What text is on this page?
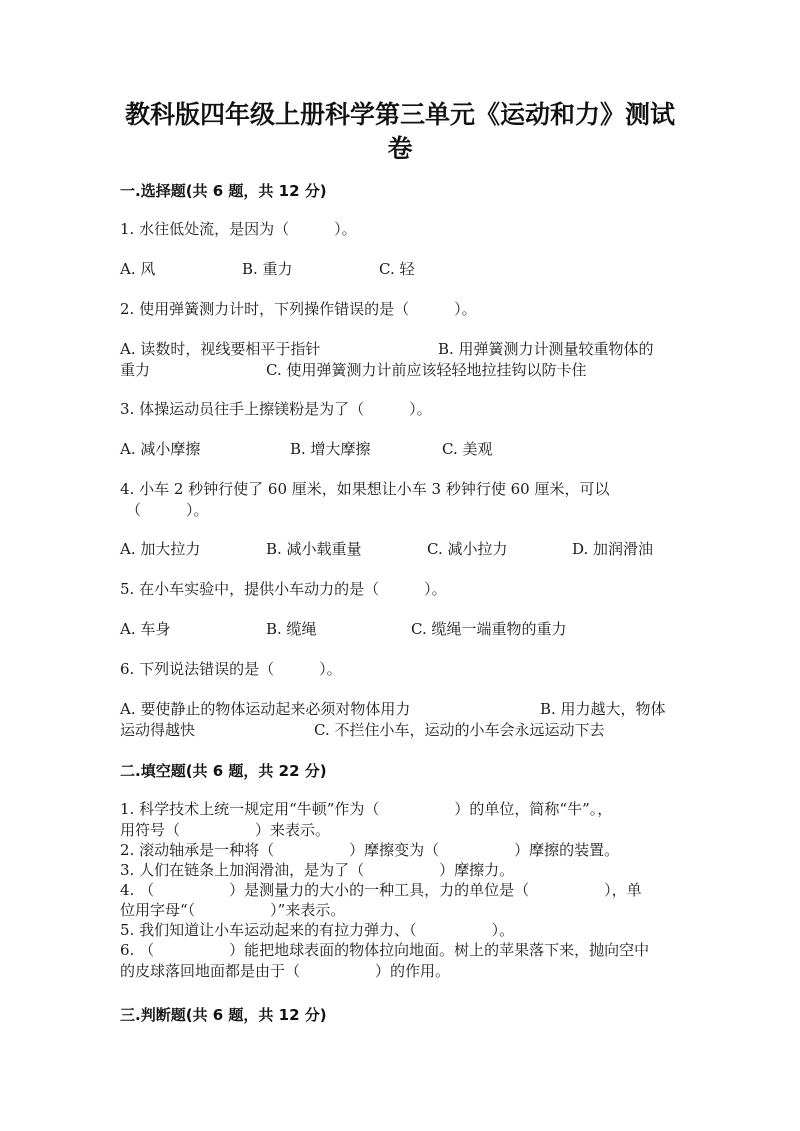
教科版四年级上册科学第三单元《运动和力》测试
卷
一.选择题(共 6 题，共 12 分)
1. 水往低处流，是因为（　　　）。
A. 风	B. 重力	C. 轻
2. 使用弹簧测力计时，下列操作错误的是（　　　）。
A. 读数时，视线要相平于指针	B. 用弹簧测力计测量较重物体的
重力	C. 使用弹簧测力计前应该轻轻地拉挂钩以防卡住
3. 体操运动员往手上擦镁粉是为了（　　　）。
A. 减小摩擦	B. 增大摩擦	C. 美观
4. 小车 2 秒钟行使了 60 厘米，如果想让小车 3 秒钟行使 60 厘米，可以
（　　　）。
A. 加大拉力	B. 减小载重量	C. 减小拉力	D. 加润滑油
5. 在小车实验中，提供小车动力的是（　　　）。
A. 车身	B. 缆绳	C. 缆绳一端重物的重力
6. 下列说法错误的是（　　　）。
A. 要使静止的物体运动起来必须对物体用力	B. 用力越大，物体
运动得越快	C. 不拦住小车，运动的小车会永远运动下去
二.填空题(共 6 题，共 22 分)
1. 科学技术上统一规定用“牛顿”作为（　　　　　）的单位，简称“牛”。，
用符号（　　　　　）来表示。
2. 滚动轴承是一种将（　　　　　）摩擦变为（　　　　　）摩擦的装置。
3. 人们在链条上加润滑油，是为了（　　　　　）摩擦力。
4. （　　　　　）是测量力的大小的一种工具，力的单位是（　　　　　），单
位用字母“（　　　　　）”来表示。
5. 我们知道让小车运动起来的有拉力弹力、（　　　　　）。
6. （　　　　　）能把地球表面的物体拉向地面。树上的苹果落下来，抛向空中
的皮球落回地面都是由于（　　　　　）的作用。
三.判断题(共 6 题，共 12 分)
